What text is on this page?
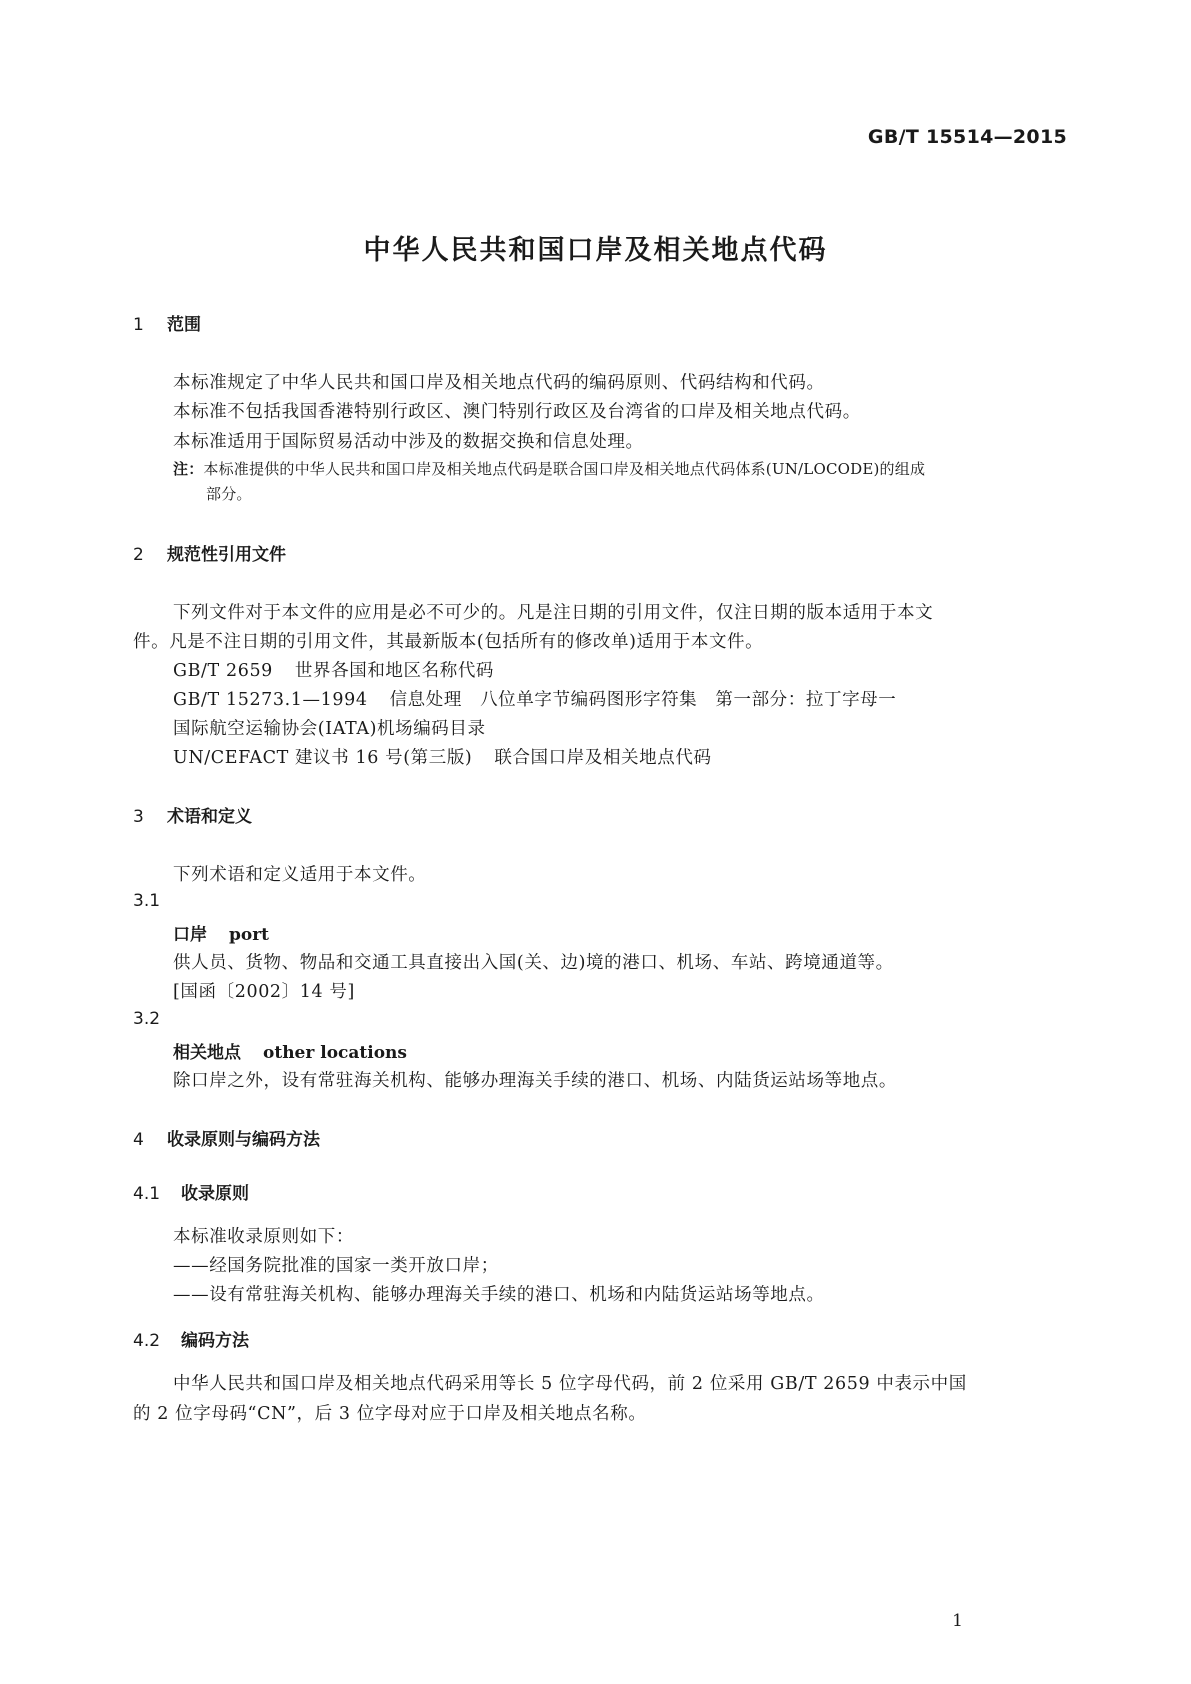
GB/T 15514—2015
中华人民共和国口岸及相关地点代码
1 范围
本标准规定了中华人民共和国口岸及相关地点代码的编码原则、代码结构和代码。
本标准不包括我国香港特别行政区、澳门特别行政区及台湾省的口岸及相关地点代码。
本标准适用于国际贸易活动中涉及的数据交换和信息处理。
注：本标准提供的中华人民共和国口岸及相关地点代码是联合国口岸及相关地点代码体系(UN/LOCODE)的组成
部分。
2 规范性引用文件
下列文件对于本文件的应用是必不可少的。凡是注日期的引用文件，仅注日期的版本适用于本文
件。凡是不注日期的引用文件，其最新版本(包括所有的修改单)适用于本文件。
GB/T 2659 世界各国和地区名称代码
GB/T 15273.1—1994 信息处理　八位单字节编码图形字符集　第一部分：拉丁字母一
国际航空运输协会(IATA)机场编码目录
UN/CEFACT 建议书 16 号(第三版) 联合国口岸及相关地点代码
3 术语和定义
下列术语和定义适用于本文件。
3.1
口岸 port
供人员、货物、物品和交通工具直接出入国(关、边)境的港口、机场、车站、跨境通道等。
[国函〔2002〕14 号]
3.2
相关地点 other locations
除口岸之外，设有常驻海关机构、能够办理海关手续的港口、机场、内陆货运站场等地点。
4 收录原则与编码方法
4.1 收录原则
本标准收录原则如下：
——经国务院批准的国家一类开放口岸；
——设有常驻海关机构、能够办理海关手续的港口、机场和内陆货运站场等地点。
4.2 编码方法
中华人民共和国口岸及相关地点代码采用等长 5 位字母代码，前 2 位采用 GB/T 2659 中表示中国
的 2 位字母码“CN”，后 3 位字母对应于口岸及相关地点名称。
1
